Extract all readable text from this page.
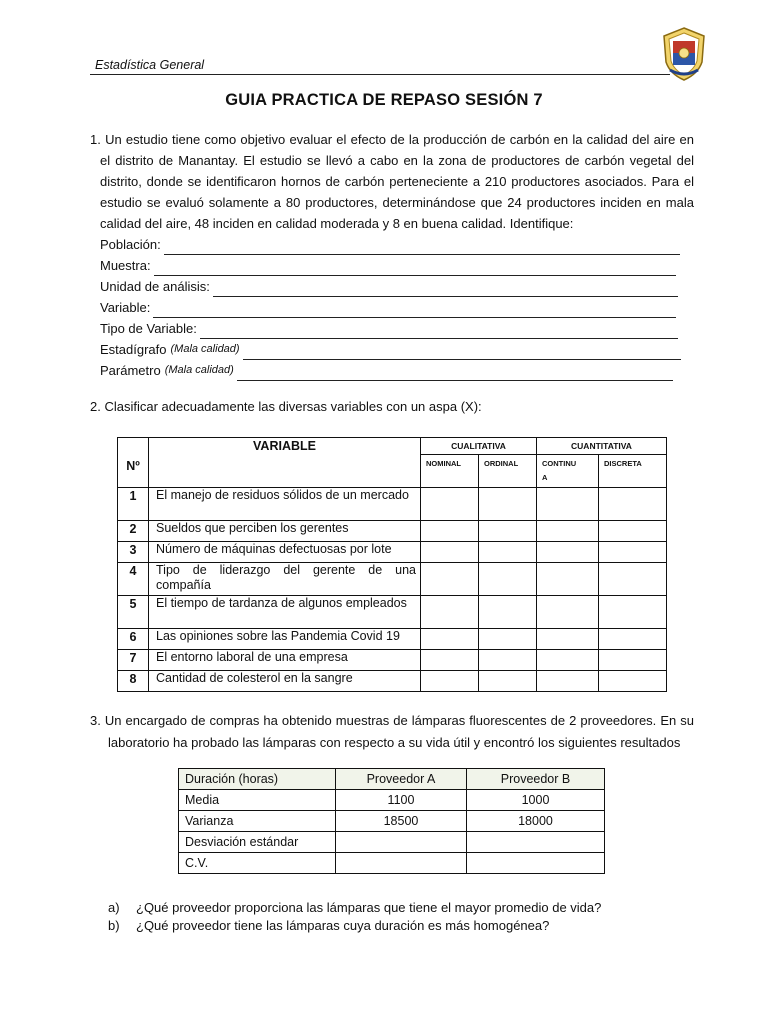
Estadística General
GUIA PRACTICA DE REPASO SESIÓN 7
1. Un estudio tiene como objetivo evaluar el efecto de la producción de carbón en la calidad del aire en el distrito de Manantay. El estudio se llevó a cabo en la zona de productores de carbón vegetal del distrito, donde se identificaron hornos de carbón perteneciente a 210 productores asociados. Para el estudio se evaluó solamente a 80 productores, determinándose que 24 productores inciden en mala calidad del aire, 48 inciden en calidad moderada y 8 en buena calidad. Identifique:
Población:
Muestra:
Unidad de análisis:
Variable:
Tipo de Variable:
Estadígrafo (Mala calidad)
Parámetro (Mala calidad)
2. Clasificar adecuadamente las diversas variables con un aspa (X):
Nº	VARIABLE	CUALITATIVA		CUANTITATIVA	
		NOMINAL	ORDINAL	CONTINU A	DISCRETA
1	El manejo de residuos sólidos de un mercado				
2	Sueldos que perciben los gerentes				
3	Número de máquinas defectuosas por lote				
4	Tipo de liderazgo del gerente de una compañía				
5	El tiempo de tardanza de algunos empleados				
6	Las opiniones sobre las Pandemia Covid 19				
7	El entorno laboral de una empresa				
8	Cantidad de colesterol en la sangre				
3. Un encargado de compras ha obtenido muestras de lámparas fluorescentes de 2 proveedores. En su laboratorio ha probado las lámparas con respecto a su vida útil y encontró los siguientes resultados
Duración (horas)	Proveedor A	Proveedor B
Media	1100	1000
Varianza	18500	18000
Desviación estándar		
C.V.		
a)	¿Qué proveedor proporciona las lámparas que tiene el mayor promedio de vida?
b)	¿Qué proveedor tiene las lámparas cuya duración es más homogénea?
